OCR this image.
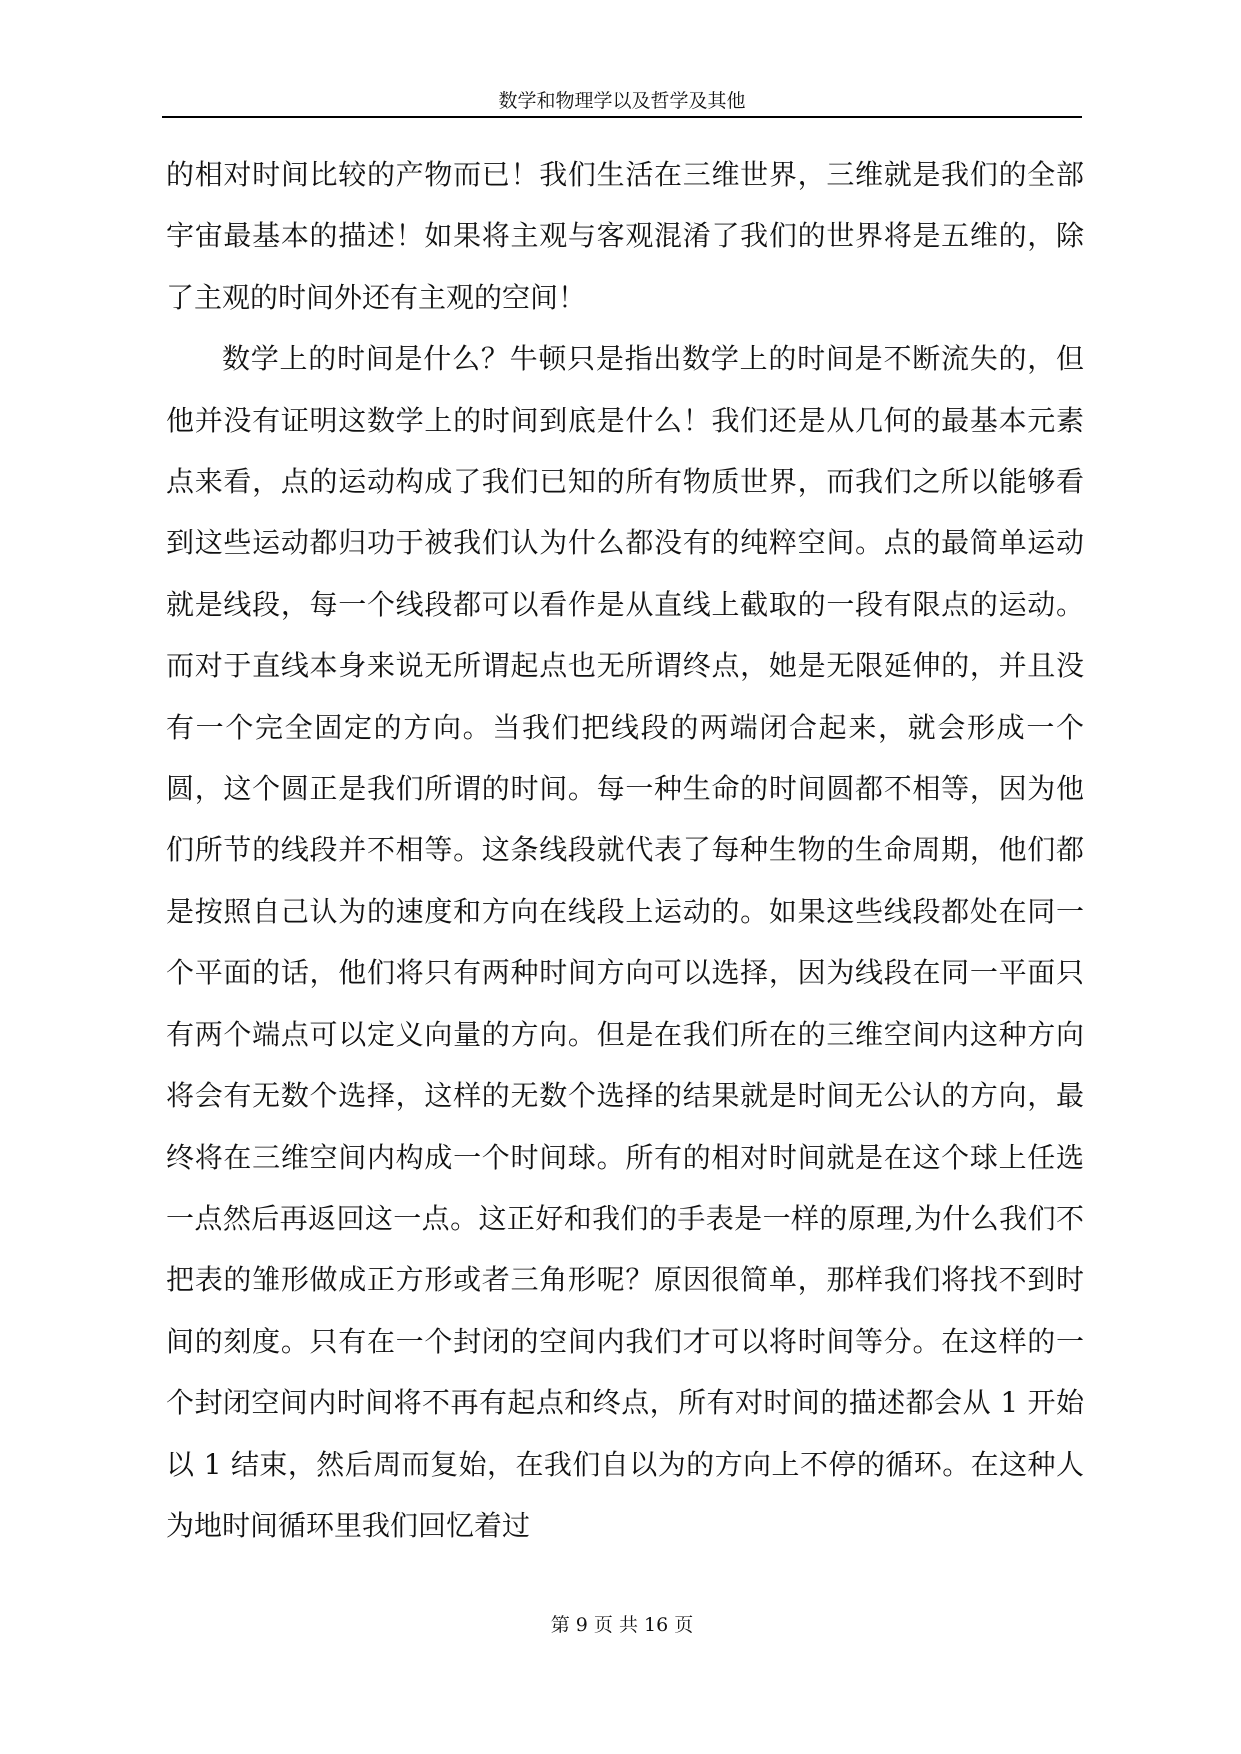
数学和物理学以及哲学及其他

的相对时间比较的产物而已！我们生活在三维世界，三维就是我们的全部宇宙最基本的描述！如果将主观与客观混淆了我们的世界将是五维的，除了主观的时间外还有主观的空间！

数学上的时间是什么？牛顿只是指出数学上的时间是不断流失的，但他并没有证明这数学上的时间到底是什么！我们还是从几何的最基本元素点来看，点的运动构成了我们已知的所有物质世界，而我们之所以能够看到这些运动都归功于被我们认为什么都没有的纯粹空间。点的最简单运动就是线段，每一个线段都可以看作是从直线上截取的一段有限点的运动。而对于直线本身来说无所谓起点也无所谓终点，她是无限延伸的，并且没有一个完全固定的方向。当我们把线段的两端闭合起来，就会形成一个圆，这个圆正是我们所谓的时间。每一种生命的时间圆都不相等，因为他们所节的线段并不相等。这条线段就代表了每种生物的生命周期，他们都是按照自己认为的速度和方向在线段上运动的。如果这些线段都处在同一个平面的话，他们将只有两种时间方向可以选择，因为线段在同一平面只有两个端点可以定义向量的方向。但是在我们所在的三维空间内这种方向将会有无数个选择，这样的无数个选择的结果就是时间无公认的方向，最终将在三维空间内构成一个时间球。所有的相对时间就是在这个球上任选一点然后再返回这一点。这正好和我们的手表是一样的原理,为什么我们不把表的雏形做成正方形或者三角形呢？原因很简单，那样我们将找不到时间的刻度。只有在一个封闭的空间内我们才可以将时间等分。在这样的一个封闭空间内时间将不再有起点和终点，所有对时间的描述都会从 1 开始以 1 结束，然后周而复始，在我们自以为的方向上不停的循环。在这种人为地时间循环里我们回忆着过

第 9 页 共 16 页
